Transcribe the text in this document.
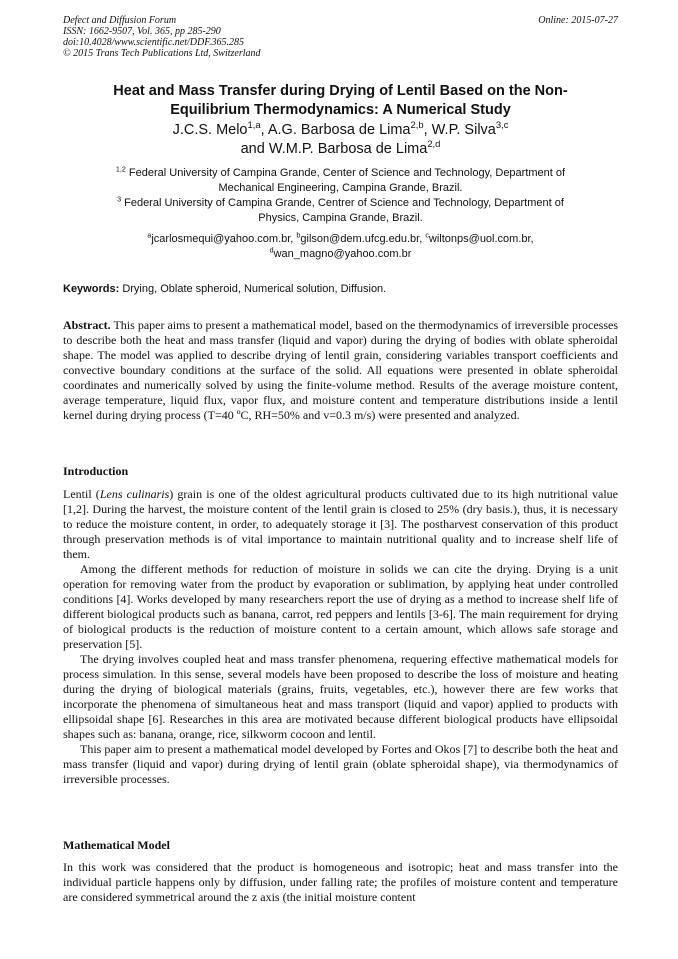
Defect and Diffusion Forum
ISSN: 1662-9507, Vol. 365, pp 285-290
doi:10.4028/www.scientific.net/DDF.365.285
© 2015 Trans Tech Publications Ltd, Switzerland
Online: 2015-07-27
Heat and Mass Transfer during Drying of Lentil Based on the Non-
Equilibrium Thermodynamics: A Numerical Study
J.C.S. Melo$^{1,a}$, A.G. Barbosa de Lima$^{2,b}$, W.P. Silva$^{3,c}$
and W.M.P. Barbosa de Lima$^{2,d}$
$^{1,2}$ Federal University of Campina Grande, Center of Science and Technology, Department of
Mechanical Engineering, Campina Grande, Brazil.
$^3$ Federal University of Campina Grande, Centrer of Science and Technology, Department of
Physics, Campina Grande, Brazil.
$^a$jcarlosmequi@yahoo.com.br, $^b$gilson@dem.ufcg.edu.br, $^c$wiltonps@uol.com.br,
$^d$wan_magno@yahoo.com.br
Keywords: Drying, Oblate spheroid, Numerical solution, Diffusion.
Abstract. This paper aims to present a mathematical model, based on the thermodynamics of irreversible processes to describe both the heat and mass transfer (liquid and vapor) during the drying of bodies with oblate spheroidal shape. The model was applied to describe drying of lentil grain, considering variables transport coefficients and convective boundary conditions at the surface of the solid. All equations were presented in oblate spheroidal coordinates and numerically solved by using the finite-volume method. Results of the average moisture content, average temperature, liquid flux, vapor flux, and moisture content and temperature distributions inside a lentil kernel during drying process (T=40 ºC, RH=50% and v=0.3 m/s) were presented and analyzed.
Introduction

Lentil (Lens culinaris) grain is one of the oldest agricultural products cultivated due to its high nutritional value [1,2]. During the harvest, the moisture content of the lentil grain is closed to 25% (dry basis.), thus, it is necessary to reduce the moisture content, in order, to adequately storage it [3]. The postharvest conservation of this product through preservation methods is of vital importance to maintain nutritional quality and to increase shelf life of them.

Among the different methods for reduction of moisture in solids we can cite the drying. Drying is a unit operation for removing water from the product by evaporation or sublimation, by applying heat under controlled conditions [4]. Works developed by many researchers report the use of drying as a method to increase shelf life of different biological products such as banana, carrot, red peppers and lentils [3-6]. The main requirement for drying of biological products is the reduction of moisture content to a certain amount, which allows safe storage and preservation [5].

The drying involves coupled heat and mass transfer phenomena, requering effective mathematical models for process simulation. In this sense, several models have been proposed to describe the loss of moisture and heating during the drying of biological materials (grains, fruits, vegetables, etc.), however there are few works that incorporate the phenomena of simultaneous heat and mass transport (liquid and vapor) applied to products with ellipsoidal shape [6]. Researches in this area are motivated because different biological products have ellipsoidal shapes such as: banana, orange, rice, silkworm cocoon and lentil.

This paper aim to present a mathematical model developed by Fortes and Okos [7] to describe both the heat and mass transfer (liquid and vapor) during drying of lentil grain (oblate spheroidal shape), via thermodynamics of irreversible processes.

Mathematical Model

In this work was considered that the product is homogeneous and isotropic; heat and mass transfer into the individual particle happens only by diffusion, under falling rate; the profiles of moisture content and temperature are considered symmetrical around the z axis (the initial moisture content
